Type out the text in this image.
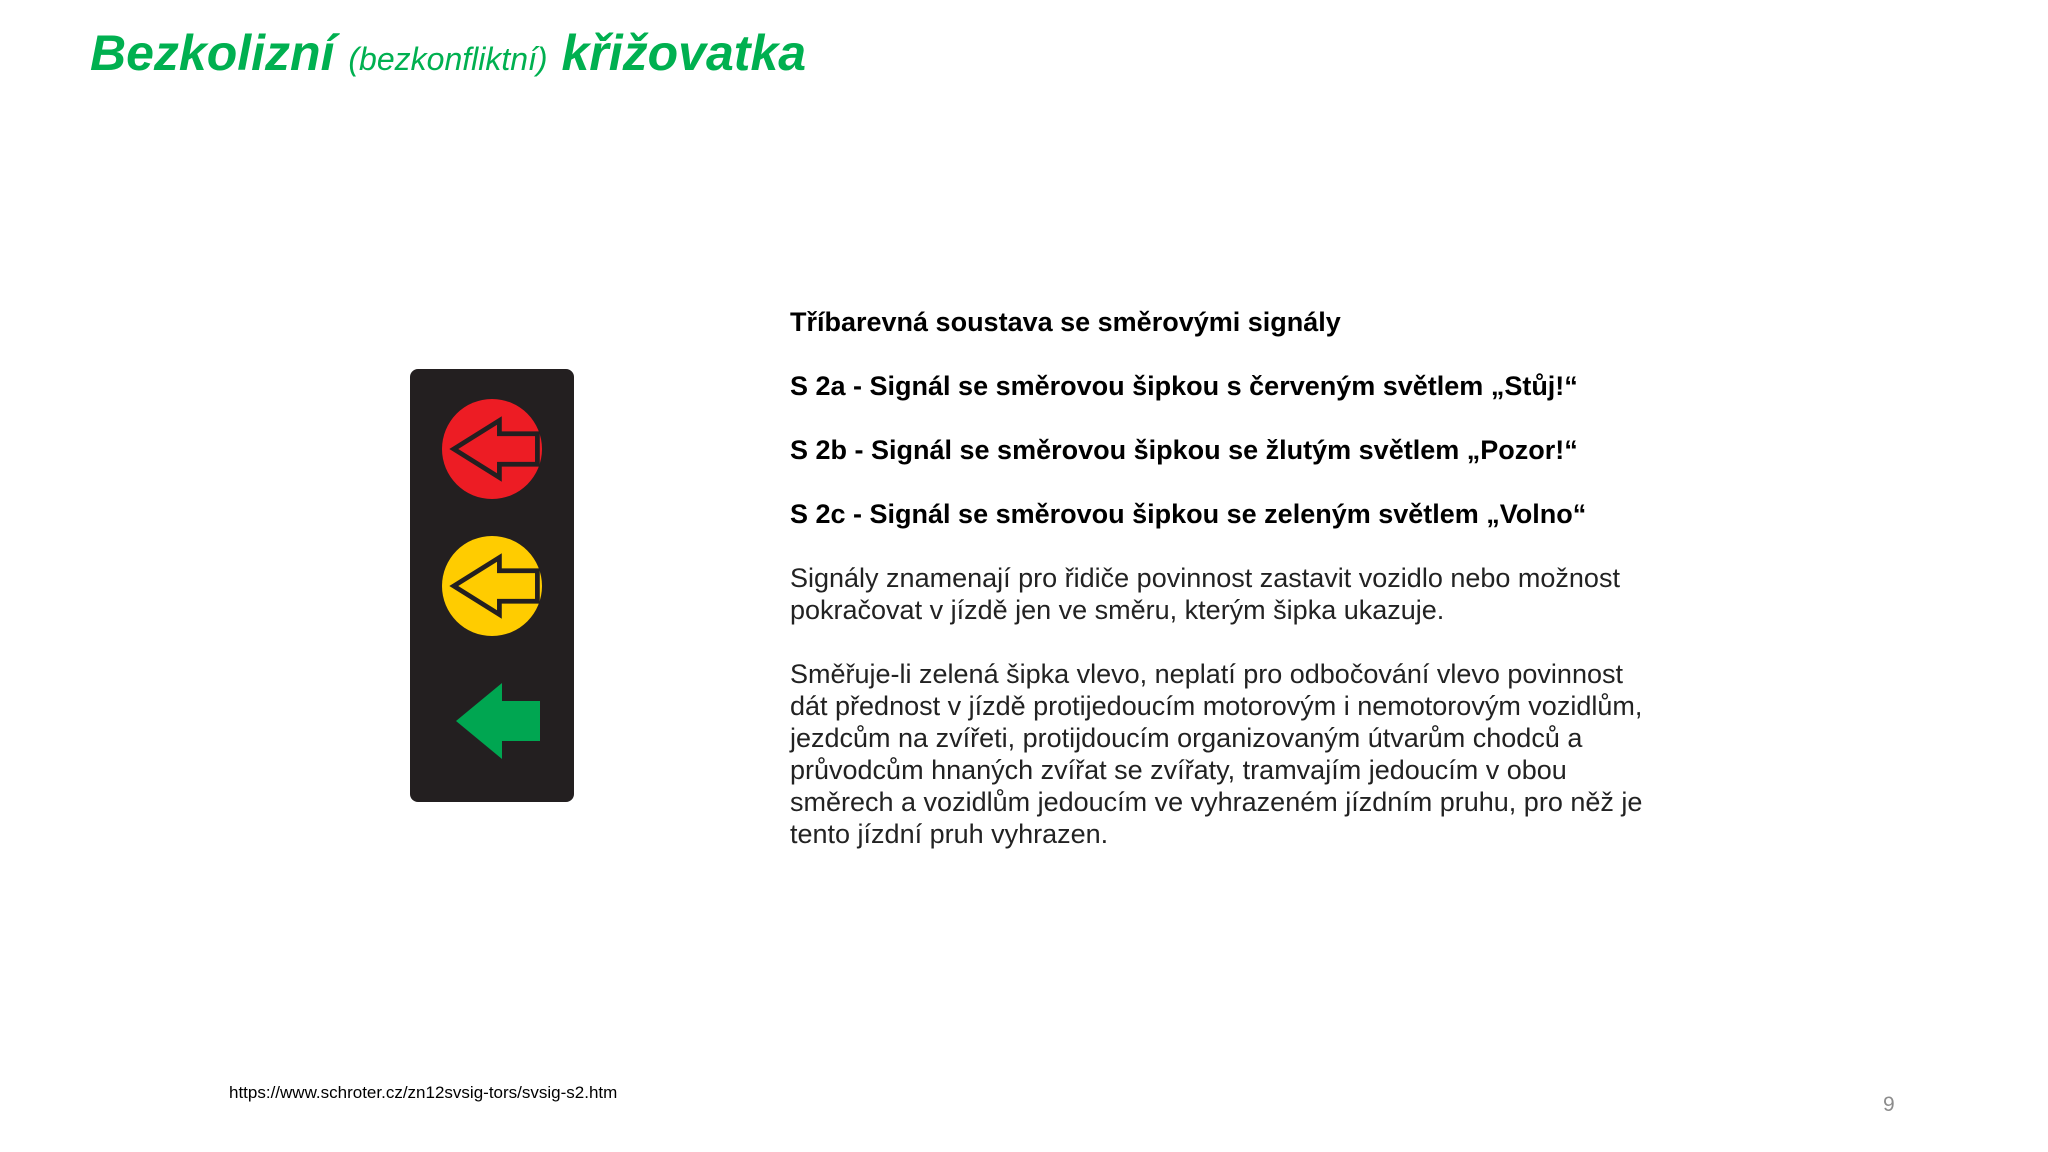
Bezkolizní (bezkonfliktní) křižovatka

Tříbarevná soustava se směrovými signály

S 2a - Signál se směrovou šipkou s červeným světlem „Stůj!“

S 2b - Signál se směrovou šipkou se žlutým světlem „Pozor!“

S 2c - Signál se směrovou šipkou se zeleným světlem „Volno“

Signály znamenají pro řidiče povinnost zastavit vozidlo nebo možnost
pokračovat v jízdě jen ve směru, kterým šipka ukazuje.

Směřuje-li zelená šipka vlevo, neplatí pro odbočování vlevo povinnost
dát přednost v jízdě protijedoucím motorovým i nemotorovým vozidlům,
jezdcům na zvířeti, protijdoucím organizovaným útvarům chodců a
průvodcům hnaných zvířat se zvířaty, tramvajím jedoucím v obou
směrech a vozidlům jedoucím ve vyhrazeném jízdním pruhu, pro něž je
tento jízdní pruh vyhrazen.

https://www.schroter.cz/zn12svsig-tors/svsig-s2.htm
9
